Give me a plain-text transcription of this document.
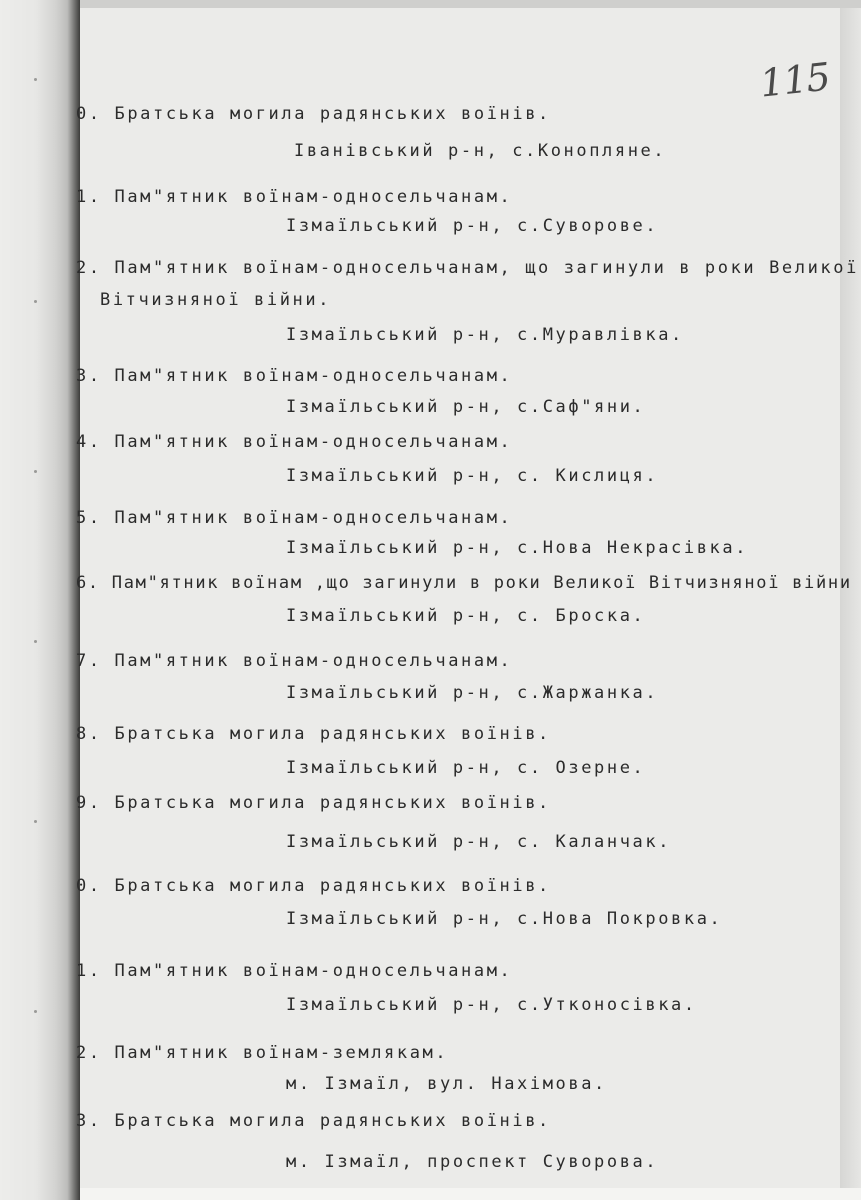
115
0. Братська могила радянських воїнів.
Іванівський р-н, с.Коноплянe.
1. Пам"ятник воїнам-односельчанам.
Ізмаїльський р-н, с.Суворове.
2. Пам"ятник воїнам-односельчанам, що загинули в роки Великої
Вітчизняної війни.
Ізмаїльський р-н, с.Муравлівка.
3. Пам"ятник воїнам-односельчанам.
Ізмаїльський р-н, с.Саф"яни.
4. Пам"ятник воїнам-односельчанам.
Ізмаїльський р-н, с. Кислиця.
5. Пам"ятник воїнам-односельчанам.
Ізмаїльський р-н, с.Нова Некрасівка.
6. Пам"ятник воїнам ,що загинули в роки Великої Вітчизняної війни
Ізмаїльський р-н, с. Броска.
7. Пам"ятник воїнам-односельчанам.
Ізмаїльський р-н, с.Жаржанка.
8. Братська могила радянських воїнів.
Ізмаїльський р-н, с. Озерне.
9. Братська могила радянських воїнів.
Ізмаїльський р-н, с. Каланчак.
0. Братська могила радянських воїнів.
Ізмаїльський р-н, с.Нова Покровка.
1. Пам"ятник воїнам-односельчанам.
Ізмаїльський р-н, с.Утконосівка.
2. Пам"ятник воїнам-землякам.
м. Ізмаїл, вул. Нахімова.
3. Братська могила радянських воїнів.
м. Ізмаїл, проспект Суворова.
